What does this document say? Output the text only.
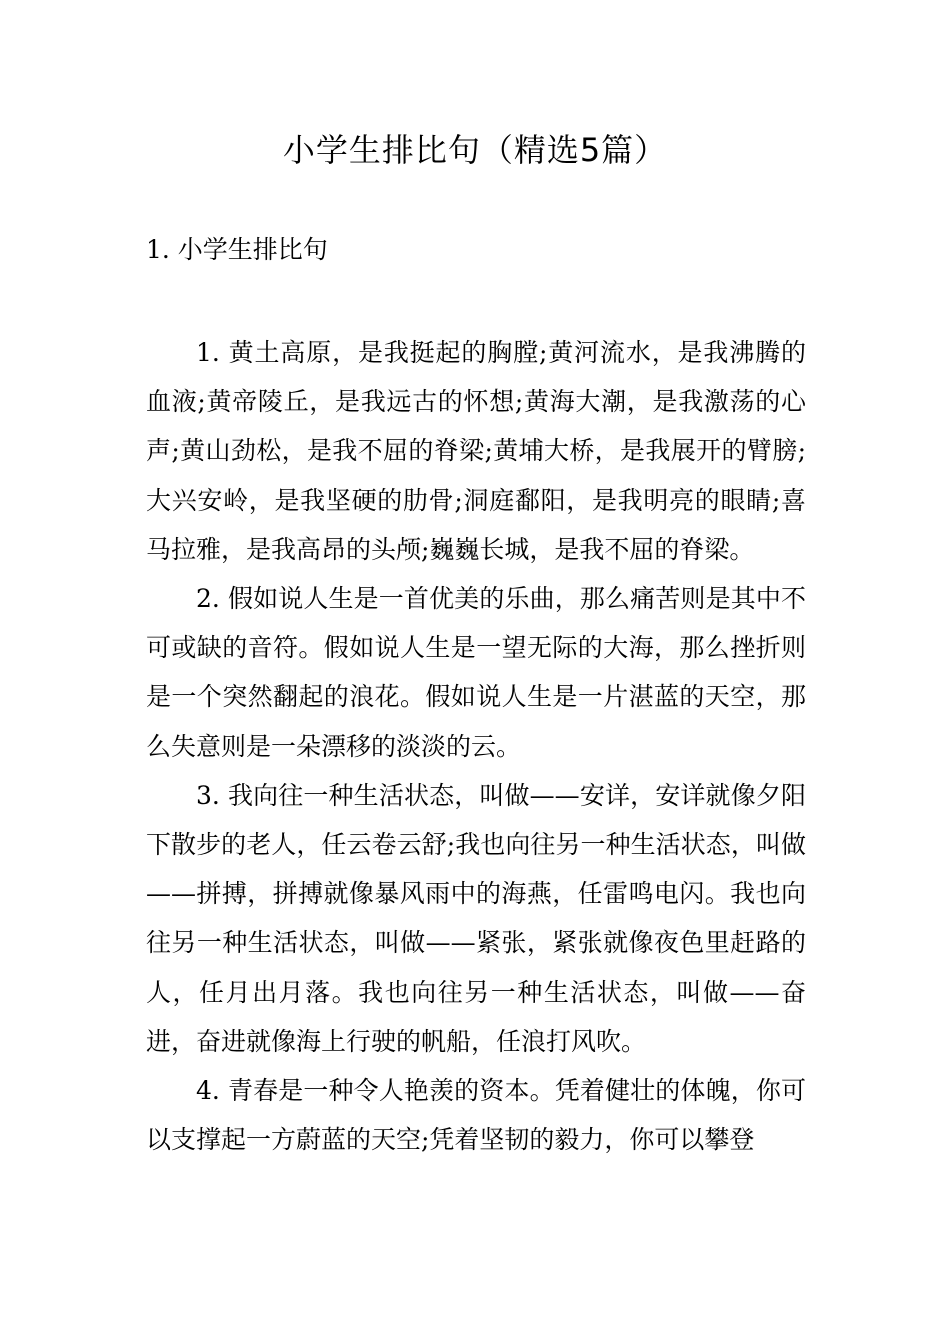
小学生排比句（精选5篇）
1. 小学生排比句

1. 黄土高原，是我挺起的胸膛;黄河流水，是我沸腾的血液;黄帝陵丘，是我远古的怀想;黄海大潮，是我激荡的心声;黄山劲松，是我不屈的脊梁;黄埔大桥，是我展开的臂膀;大兴安岭，是我坚硬的肋骨;洞庭鄱阳，是我明亮的眼睛;喜马拉雅，是我高昂的头颅;巍巍长城，是我不屈的脊梁。

2. 假如说人生是一首优美的乐曲，那么痛苦则是其中不可或缺的音符。假如说人生是一望无际的大海，那么挫折则是一个突然翻起的浪花。假如说人生是一片湛蓝的天空，那么失意则是一朵漂移的淡淡的云。

3. 我向往一种生活状态，叫做——安详，安详就像夕阳下散步的老人，任云卷云舒;我也向往另一种生活状态，叫做——拼搏，拼搏就像暴风雨中的海燕，任雷鸣电闪。我也向往另一种生活状态，叫做——紧张，紧张就像夜色里赶路的人，任月出月落。我也向往另一种生活状态，叫做——奋进，奋进就像海上行驶的帆船，任浪打风吹。

4. 青春是一种令人艳羡的资本。凭着健壮的体魄，你可以支撑起一方蔚蓝的天空;凭着坚韧的毅力，你可以攀登
